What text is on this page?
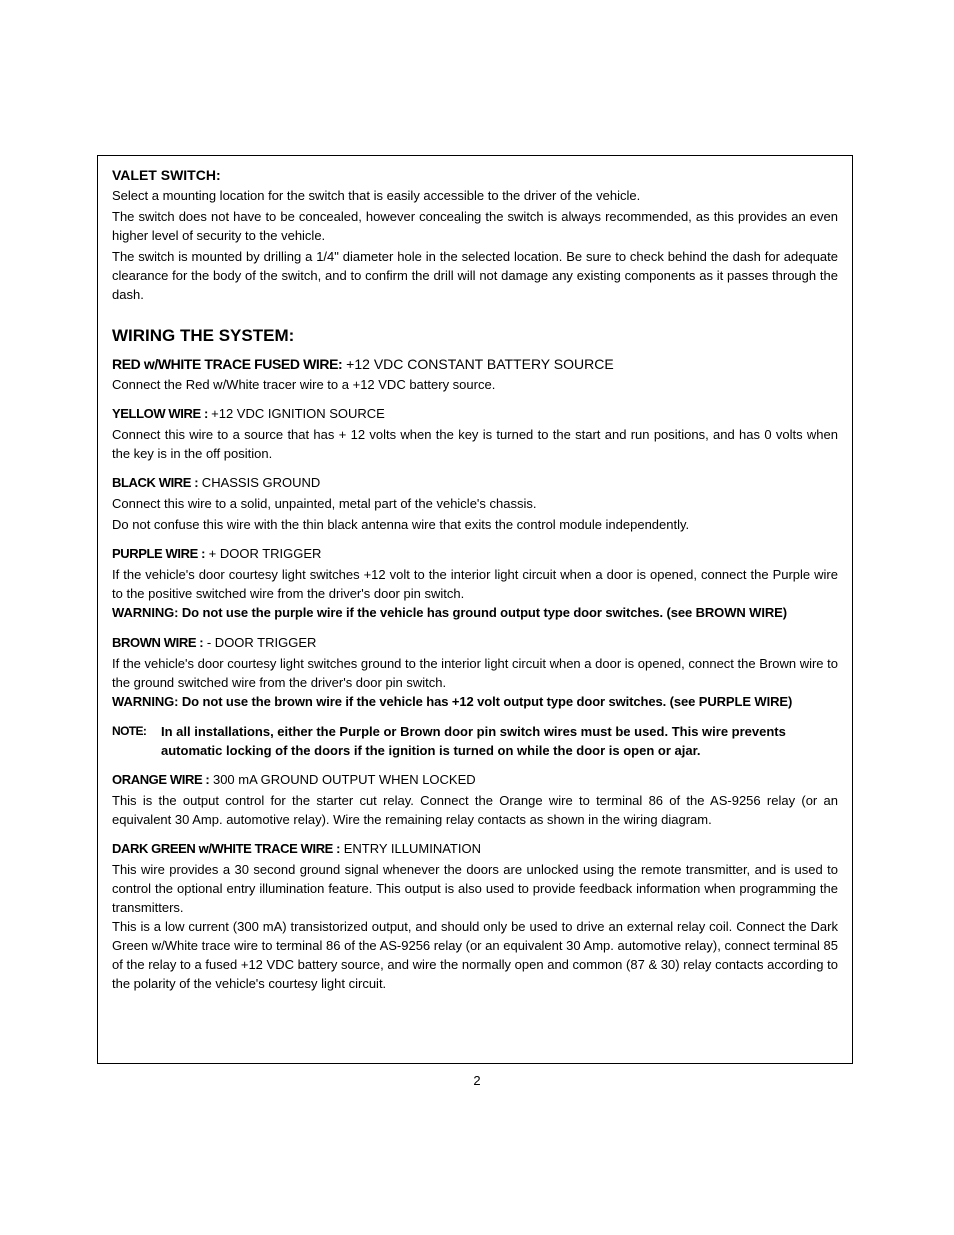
VALET SWITCH:

Select a mounting location for the switch that is easily accessible to the driver of the vehicle.

The switch does not have to be concealed, however concealing the switch is always recommended, as this provides an even higher level of security to the vehicle.

The switch is mounted by drilling a 1/4" diameter hole in the selected location. Be sure to check behind the dash for adequate clearance for the body of the switch, and to confirm the drill will not damage any existing components as it passes through the dash.

WIRING THE SYSTEM:
RED w/WHITE TRACE FUSED WIRE: +12 VDC CONSTANT BATTERY SOURCE

Connect the Red w/White tracer wire to a +12 VDC battery source.

YELLOW WIRE : +12 VDC IGNITION SOURCE

Connect this wire to a source that has + 12 volts when the key is turned to the start and run positions, and has 0 volts when the key is in the off position.

BLACK WIRE : CHASSIS GROUND

Connect this wire to a solid, unpainted, metal part of the vehicle's chassis.

Do not confuse this wire with the thin black antenna wire that exits the control module independently.

PURPLE WIRE : + DOOR TRIGGER

If the vehicle's door courtesy light switches +12 volt to the interior light circuit when a door is opened, connect the Purple wire to the positive switched wire from the driver's door pin switch.

WARNING: Do not use the purple wire if the vehicle has ground output type door switches. (see BROWN WIRE)

BROWN WIRE : - DOOR TRIGGER

If the vehicle's door courtesy light switches ground to the interior light circuit when a door is opened, connect the Brown wire to the ground switched wire from the driver's door pin switch.

WARNING: Do not use the brown wire if the vehicle has +12 volt output type door switches. (see PURPLE WIRE)

NOTE:	In all installations, either the Purple or Brown door pin switch wires must be used. This wire prevents automatic locking of the doors if the ignition is turned on while the door is open or ajar.
ORANGE WIRE : 300 mA GROUND OUTPUT WHEN LOCKED

This is the output control for the starter cut relay. Connect the Orange wire to terminal 86 of the AS-9256 relay (or an equivalent 30 Amp. automotive relay). Wire the remaining relay contacts as shown in the wiring diagram.

DARK GREEN w/WHITE TRACE WIRE : ENTRY ILLUMINATION

This wire provides a 30 second ground signal whenever the doors are unlocked using the remote transmitter, and is used to control the optional entry illumination feature. This output is also used to provide feedback information when programming the transmitters.

This is a low current (300 mA) transistorized output, and should only be used to drive an external relay coil. Connect the Dark Green w/White trace wire to terminal 86 of the AS-9256 relay (or an equivalent 30 Amp. automotive relay), connect terminal 85 of the relay to a fused +12 VDC battery source, and wire the normally open and common (87 & 30) relay contacts according to the polarity of the vehicle's courtesy light circuit.

2
